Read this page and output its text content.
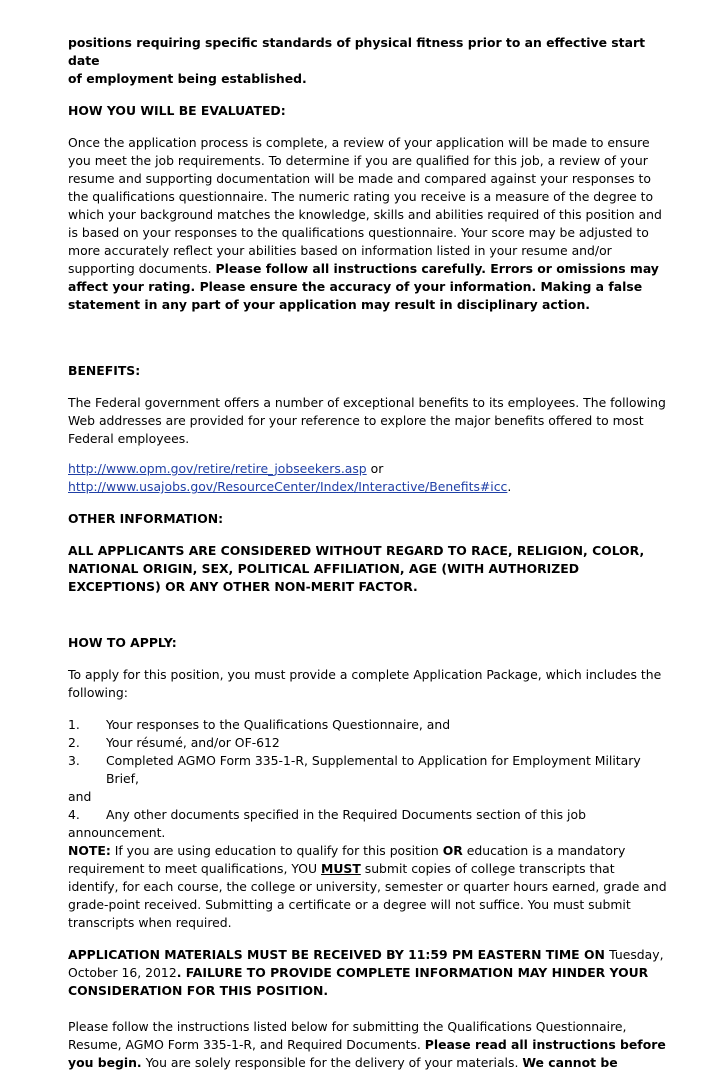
positions requiring specific standards of physical fitness prior to an effective start date
of employment being established.

HOW YOU WILL BE EVALUATED:

Once the application process is complete, a review of your application will be made to ensure you meet the job requirements. To determine if you are qualified for this job, a review of your resume and supporting documentation will be made and compared against your responses to the qualifications questionnaire. The numeric rating you receive is a measure of the degree to which your background matches the knowledge, skills and abilities required of this position and is based on your responses to the qualifications questionnaire. Your score may be adjusted to more accurately reflect your abilities based on information listed in your resume and/or supporting documents. Please follow all instructions carefully. Errors or omissions may affect your rating. Please ensure the accuracy of your information. Making a false statement in any part of your application may result in disciplinary action.

BENEFITS:

The Federal government offers a number of exceptional benefits to its employees. The following Web addresses are provided for your reference to explore the major benefits offered to most Federal employees.

http://www.opm.gov/retire/retire_jobseekers.asp or
http://www.usajobs.gov/ResourceCenter/Index/Interactive/Benefits#icc.

OTHER INFORMATION:

ALL APPLICANTS ARE CONSIDERED WITHOUT REGARD TO RACE, RELIGION, COLOR, NATIONAL ORIGIN, SEX, POLITICAL AFFILIATION, AGE (WITH AUTHORIZED EXCEPTIONS) OR ANY OTHER NON-MERIT FACTOR.

HOW TO APPLY:

To apply for this position, you must provide a complete Application Package, which includes the following:

1.	Your responses to the Qualifications Questionnaire, and
2.	Your résumé, and/or OF-612
3.	Completed AGMO Form 335-1-R, Supplemental to Application for Employment Military Brief,
and
4.	Any other documents specified in the Required Documents section of this job
announcement.

NOTE: If you are using education to qualify for this position OR education is a mandatory requirement to meet qualifications, YOU MUST submit copies of college transcripts that identify, for each course, the college or university, semester or quarter hours earned, grade and grade-point received. Submitting a certificate or a degree will not suffice. You must submit transcripts when required.

APPLICATION MATERIALS MUST BE RECEIVED BY 11:59 PM EASTERN TIME ON Tuesday, October 16, 2012. FAILURE TO PROVIDE COMPLETE INFORMATION MAY HINDER YOUR CONSIDERATION FOR THIS POSITION.

Please follow the instructions listed below for submitting the Qualifications Questionnaire, Resume, AGMO Form 335-1-R, and Required Documents. Please read all instructions before you begin. You are solely responsible for the delivery of your materials. We cannot be
